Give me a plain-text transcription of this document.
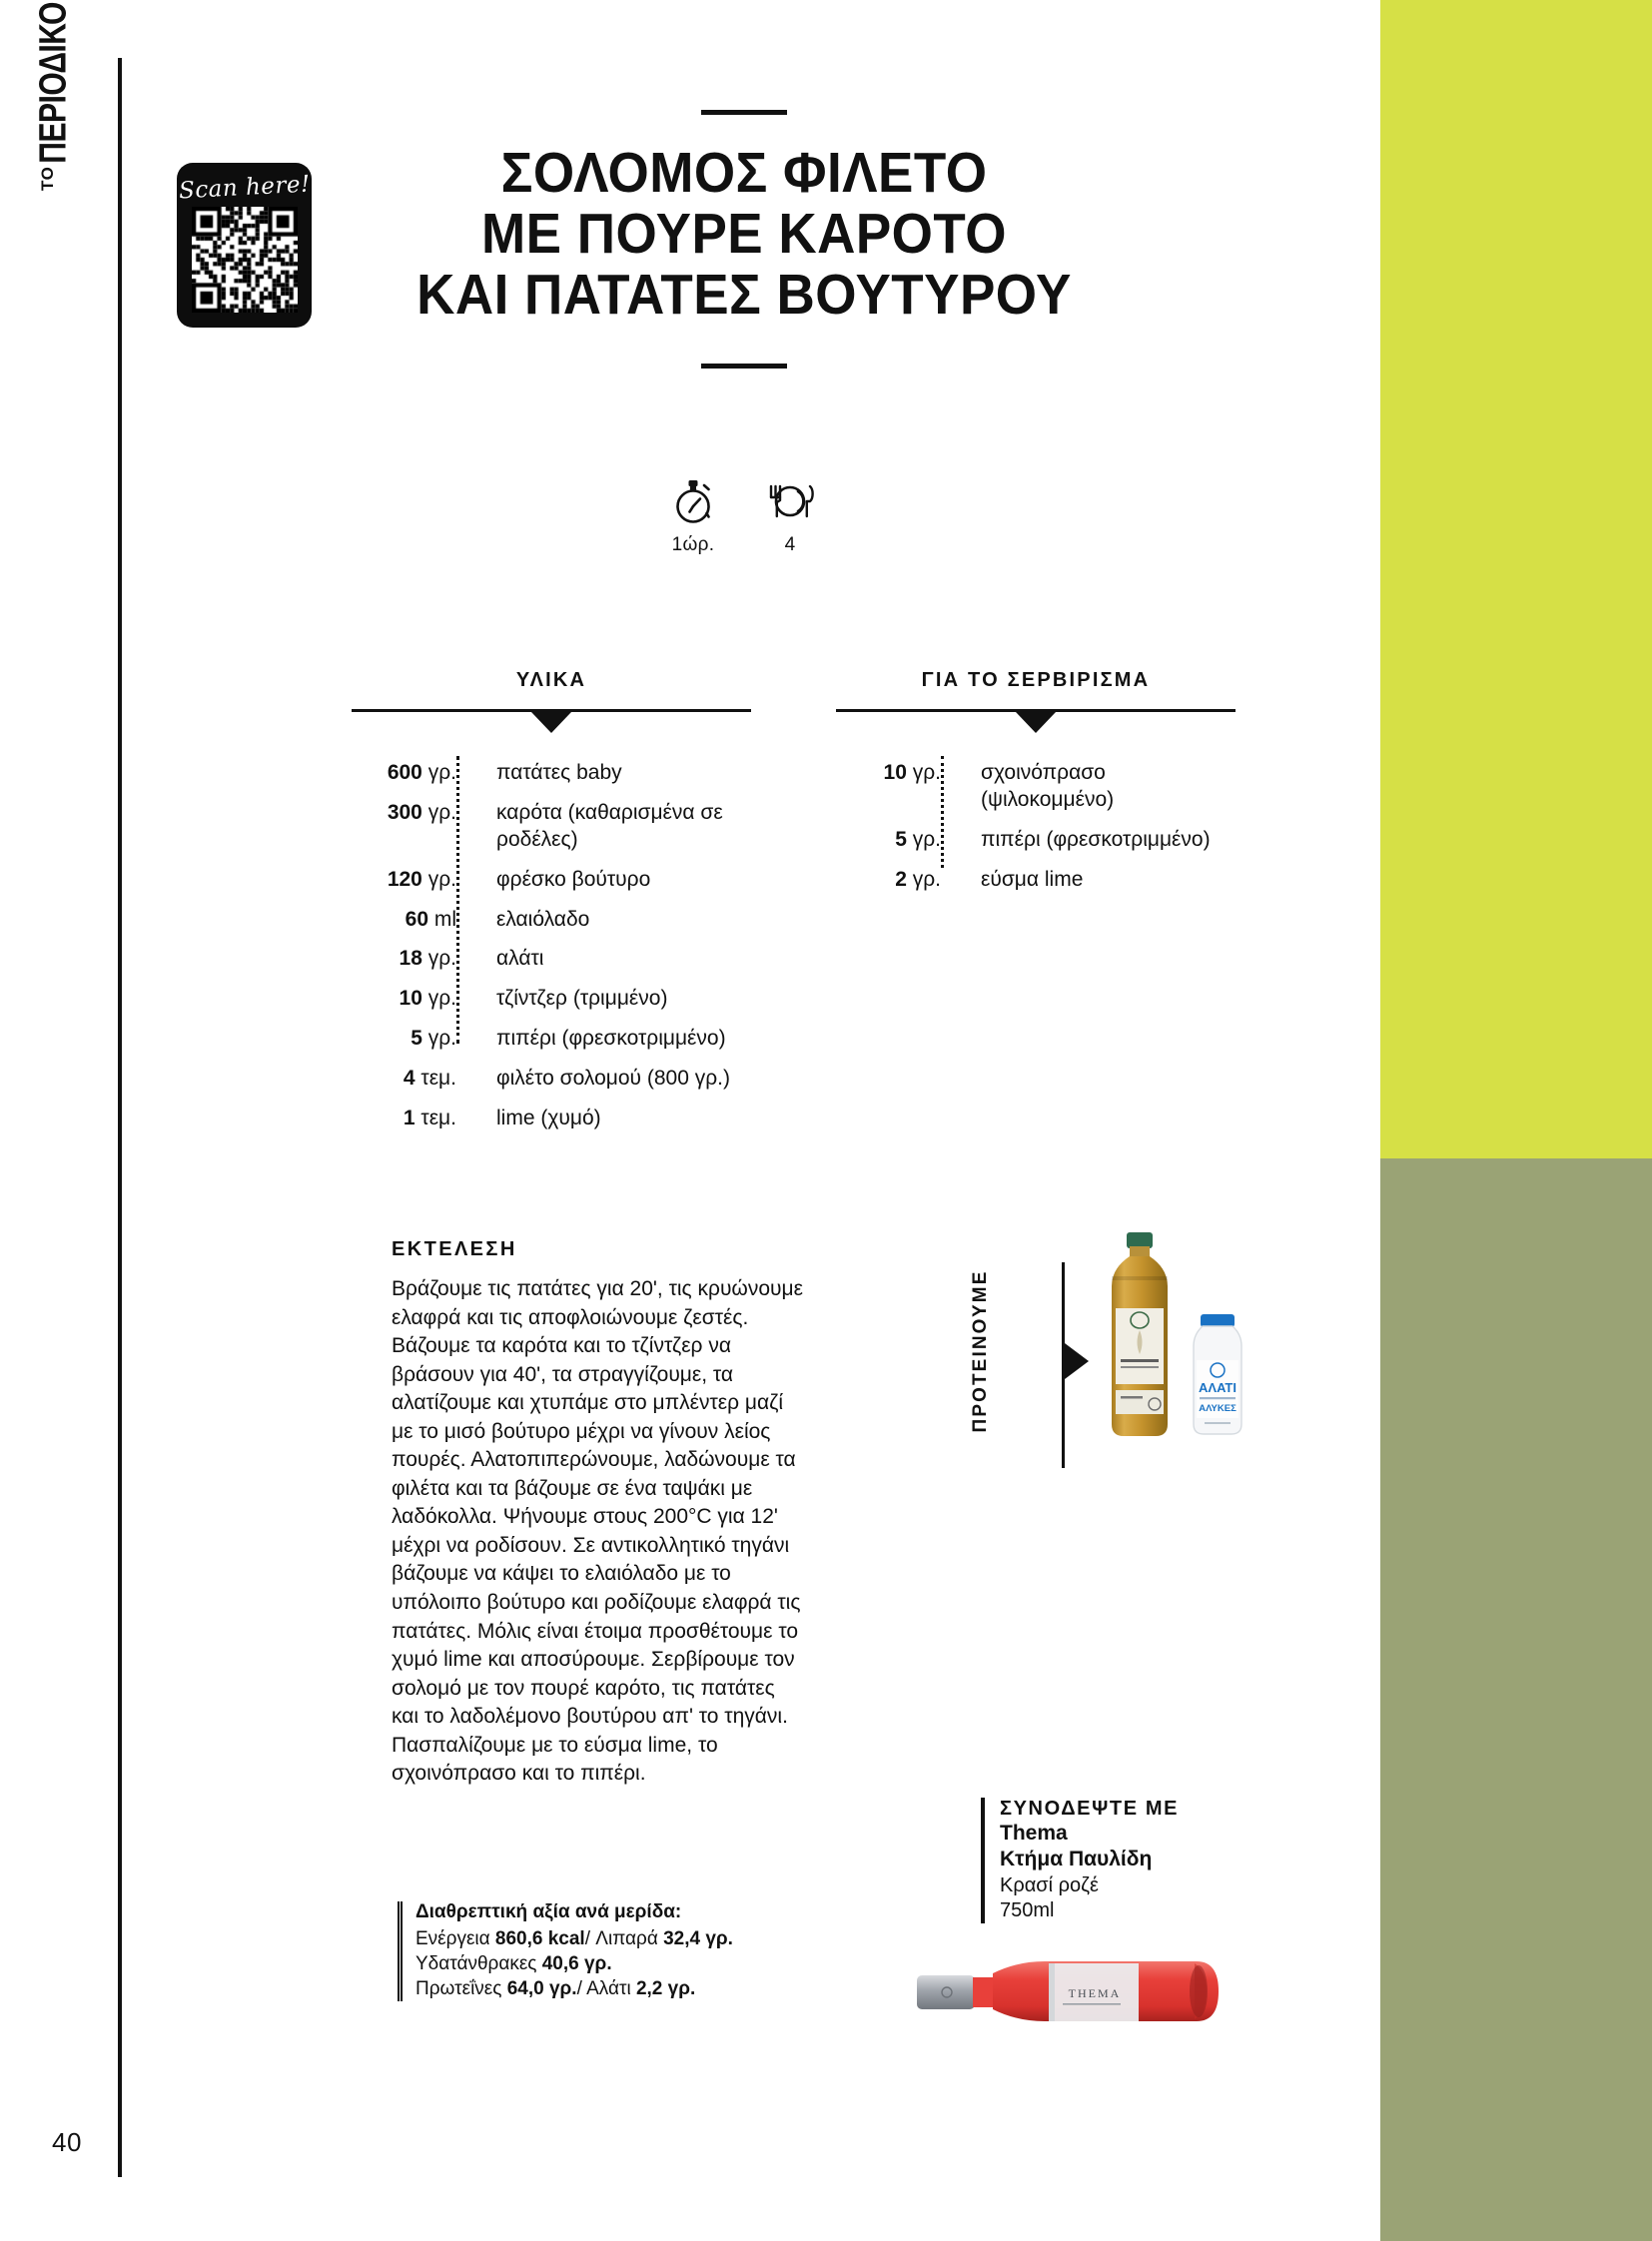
ΤΟ
ΠΕΡΙΟΔΙΚΟ
Scan here!	ΣΟΛΟΜΟΣ ΦΙΛΕΤΟ
ΜΕ ΠΟΥΡΕ ΚΑΡΟΤΟ
ΚΑΙ ΠΑΤΑΤΕΣ ΒΟΥΤΥΡΟΥ
1ώρ.	4
ΥΛΙΚΑ
600 γρ.	πατάτες baby
300 γρ.	καρότα (καθαρισμένα σε ροδέλες)
120 γρ.	φρέσκο βούτυρο
60 ml	ελαιόλαδο
18 γρ.	αλάτι
10 γρ.	τζίντζερ (τριμμένο)
5 γρ.	πιπέρι (φρεσκοτριμμένο)
4 τεμ.	φιλέτο σολομού (800 γρ.)
1 τεμ.	lime (χυμό)
ΓΙΑ ΤΟ ΣΕΡΒΙΡΙΣΜΑ
10 γρ.	σχοινόπρασο (ψιλοκομμένο)
5 γρ.	πιπέρι (φρεσκοτριμμένο)
2 γρ.	εύσμα lime
ΕΚΤΕΛΕΣΗ
Βράζουμε τις πατάτες για 20', τις κρυώνουμε ελαφρά και τις αποφλοιώνουμε ζεστές. Βάζουμε τα καρότα και το τζίντζερ να βράσουν για 40', τα στραγγίζουμε, τα αλατίζουμε και χτυπάμε στο μπλέντερ μαζί με το μισό βούτυρο μέχρι να γίνουν λείος πουρές. Αλατοπιπερώνουμε, λαδώνουμε τα φιλέτα και τα βάζουμε σε ένα ταψάκι με λαδόκολλα. Ψήνουμε στους 200°C για 12' μέχρι να ροδίσουν. Σε αντικολλητικό τηγάνι βάζουμε να κάψει το ελαιόλαδο με το υπόλοιπο βούτυρο και ροδίζουμε ελαφρά τις πατάτες. Μόλις είναι έτοιμα προσθέτουμε το χυμό lime και αποσύρουμε. Σερβίρουμε τον σολομό με τον πουρέ καρότο, τις πατάτες και το λαδολέμονο βουτύρου απ' το τηγάνι. Πασπαλίζουμε με το εύσμα lime, το σχοινόπρασο και το πιπέρι.
Διαθρεπτική αξία ανά μερίδα:
Ενέργεια 860,6 kcal/ Λιπαρά 32,4 γρ.
Υδατάνθρακες 40,6 γρ.
Πρωτεΐνες 64,0 γρ./ Αλάτι 2,2 γρ.
ΠΡΟΤΕΙΝΟΥΜΕ	ΑΛΑΤΙ
ΑΛΥΚΕΣ
ΣΥΝΟΔΕΨΤΕ ΜΕ
Thema
Κτήμα Παυλίδη
Κρασί ροζέ
750ml
THEMA
40
